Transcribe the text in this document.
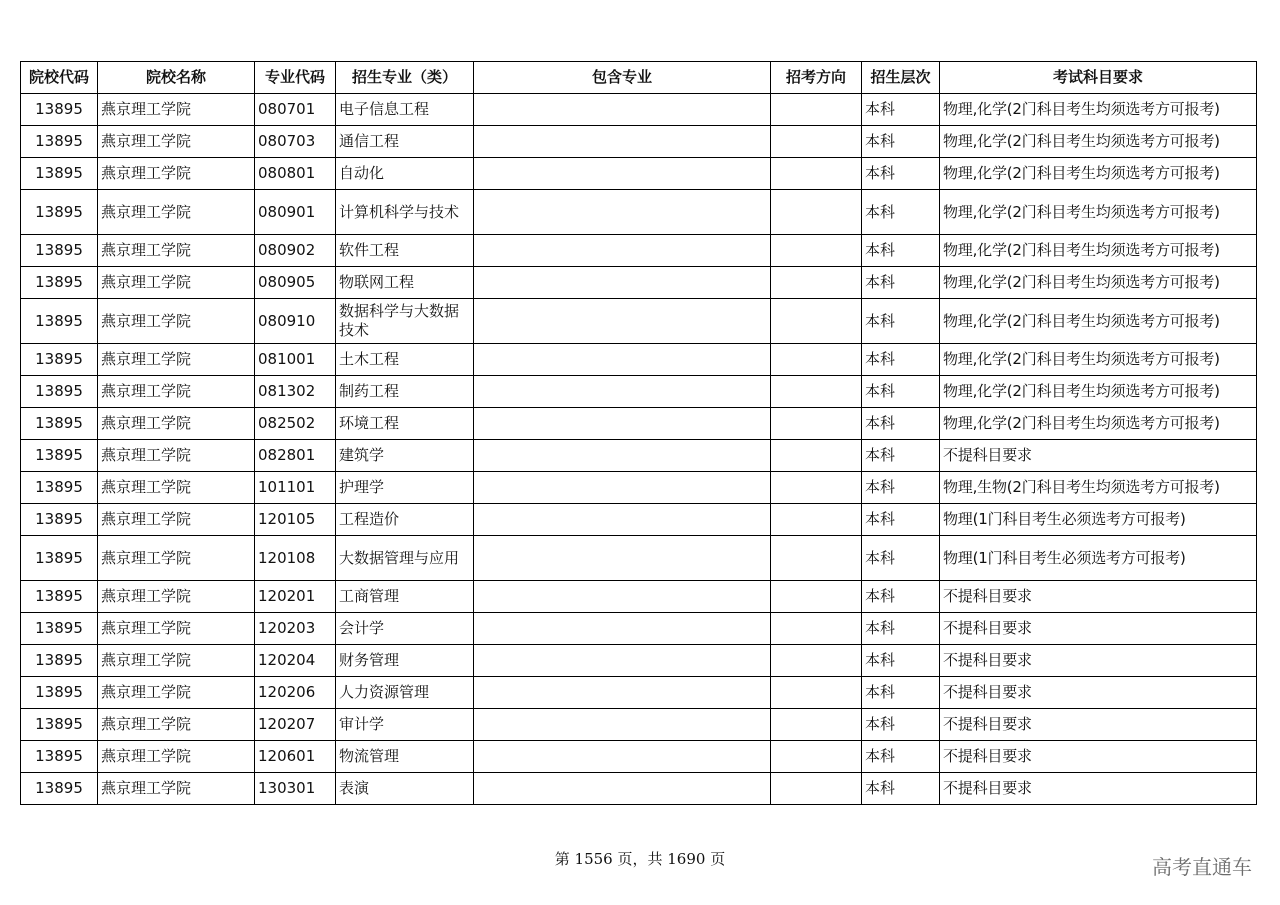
院校代码	院校名称	专业代码	招生专业（类）	包含专业	招考方向	招生层次	考试科目要求
13895	燕京理工学院	080701	电子信息工程			本科	物理,化学(2门科目考生均须选考方可报考)
13895	燕京理工学院	080703	通信工程			本科	物理,化学(2门科目考生均须选考方可报考)
13895	燕京理工学院	080801	自动化			本科	物理,化学(2门科目考生均须选考方可报考)
13895	燕京理工学院	080901	计算机科学与技术			本科	物理,化学(2门科目考生均须选考方可报考)
13895	燕京理工学院	080902	软件工程			本科	物理,化学(2门科目考生均须选考方可报考)
13895	燕京理工学院	080905	物联网工程			本科	物理,化学(2门科目考生均须选考方可报考)
13895	燕京理工学院	080910	数据科学与大数据技术			本科	物理,化学(2门科目考生均须选考方可报考)
13895	燕京理工学院	081001	土木工程			本科	物理,化学(2门科目考生均须选考方可报考)
13895	燕京理工学院	081302	制药工程			本科	物理,化学(2门科目考生均须选考方可报考)
13895	燕京理工学院	082502	环境工程			本科	物理,化学(2门科目考生均须选考方可报考)
13895	燕京理工学院	082801	建筑学			本科	不提科目要求
13895	燕京理工学院	101101	护理学			本科	物理,生物(2门科目考生均须选考方可报考)
13895	燕京理工学院	120105	工程造价			本科	物理(1门科目考生必须选考方可报考)
13895	燕京理工学院	120108	大数据管理与应用			本科	物理(1门科目考生必须选考方可报考)
13895	燕京理工学院	120201	工商管理			本科	不提科目要求
13895	燕京理工学院	120203	会计学			本科	不提科目要求
13895	燕京理工学院	120204	财务管理			本科	不提科目要求
13895	燕京理工学院	120206	人力资源管理			本科	不提科目要求
13895	燕京理工学院	120207	审计学			本科	不提科目要求
13895	燕京理工学院	120601	物流管理			本科	不提科目要求
13895	燕京理工学院	130301	表演			本科	不提科目要求
第 1556 页，共 1690 页	高考直通车
